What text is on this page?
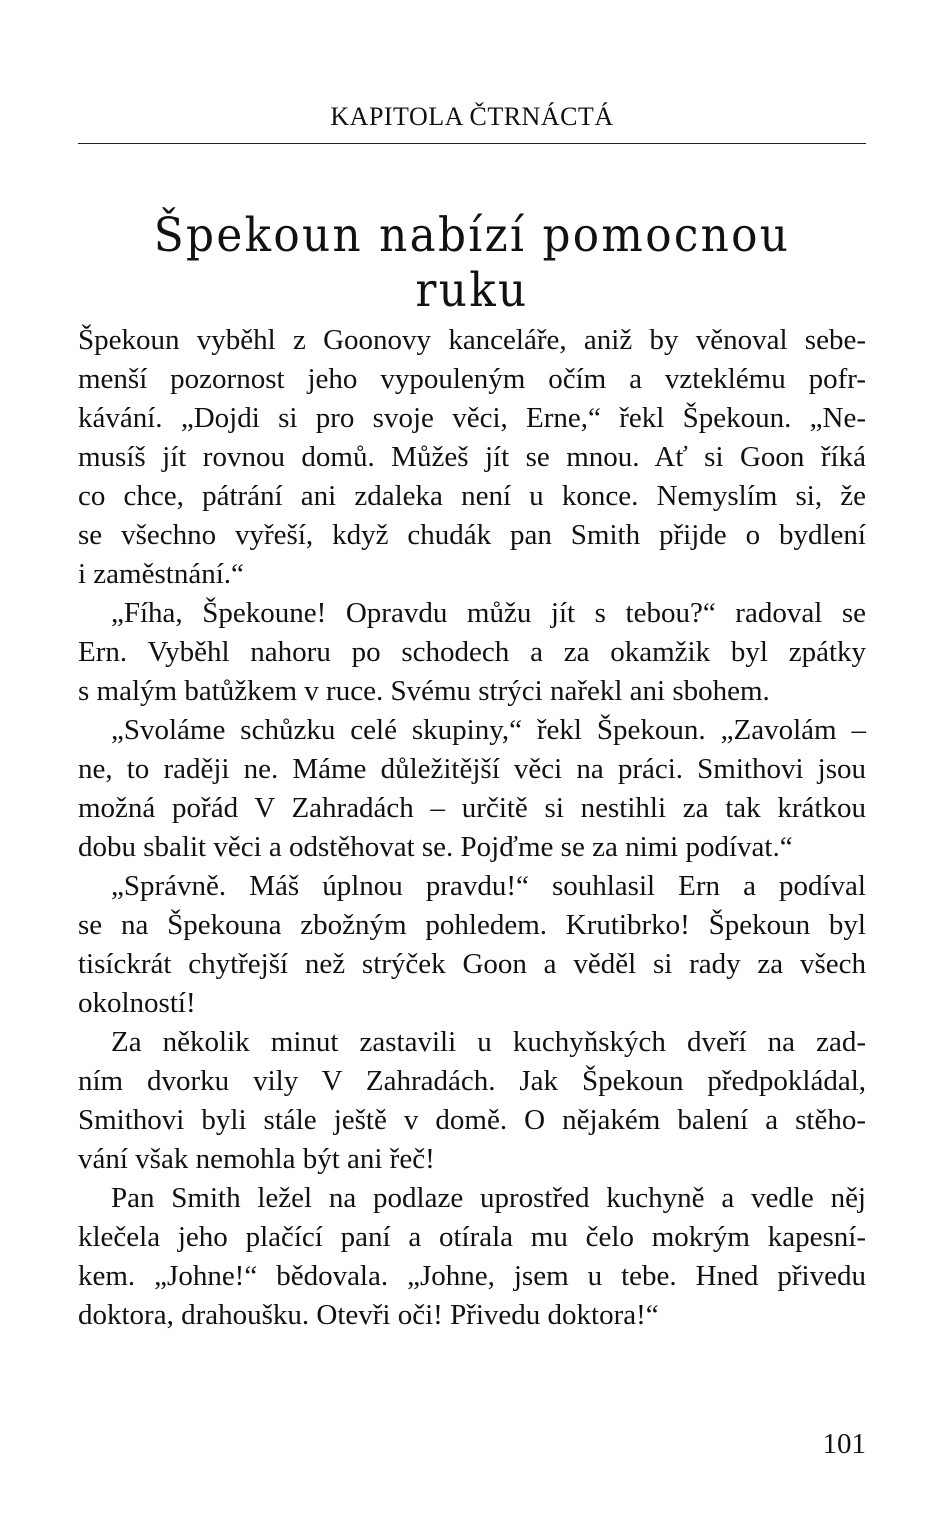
KAPITOLA ČTRNÁCTÁ
Špekoun nabízí pomocnou ruku
Špekoun vyběhl z Goonovy kanceláře, aniž by věnoval sebe-
menší pozornost jeho vypouleným očím a vzteklému pofr-
kávání. „Dojdi si pro svoje věci, Erne,“ řekl Špekoun. „Ne-
musíš jít rovnou domů. Můžeš jít se mnou. Ať si Goon říká
co chce, pátrání ani zdaleka není u konce. Nemyslím si, že
se všechno vyřeší, když chudák pan Smith přijde o bydlení
i zaměstnání.“
„Fíha, Špekoune! Opravdu můžu jít s tebou?“ radoval se
Ern. Vyběhl nahoru po schodech a za okamžik byl zpátky
s malým batůžkem v ruce. Svému strýci nařekl ani sbohem.
„Svoláme schůzku celé skupiny,“ řekl Špekoun. „Zavolám –
ne, to raději ne. Máme důležitější věci na práci. Smithovi jsou
možná pořád V Zahradách – určitě si nestihli za tak krátkou
dobu sbalit věci a odstěhovat se. Pojďme se za nimi podívat.“
„Správně. Máš úplnou pravdu!“ souhlasil Ern a podíval
se na Špekouna zbožným pohledem. Krutibrko! Špekoun byl
tisíckrát chytřejší než strýček Goon a věděl si rady za všech
okolností!
Za několik minut zastavili u kuchyňských dveří na zad-
ním dvorku vily V Zahradách. Jak Špekoun předpokládal,
Smithovi byli stále ještě v domě. O nějakém balení a stěho-
vání však nemohla být ani řeč!
Pan Smith ležel na podlaze uprostřed kuchyně a vedle něj
klečela jeho plačící paní a otírala mu čelo mokrým kapesní-
kem. „Johne!“ bědovala. „Johne, jsem u tebe. Hned přivedu
doktora, drahoušku. Otevři oči! Přivedu doktora!“
101
